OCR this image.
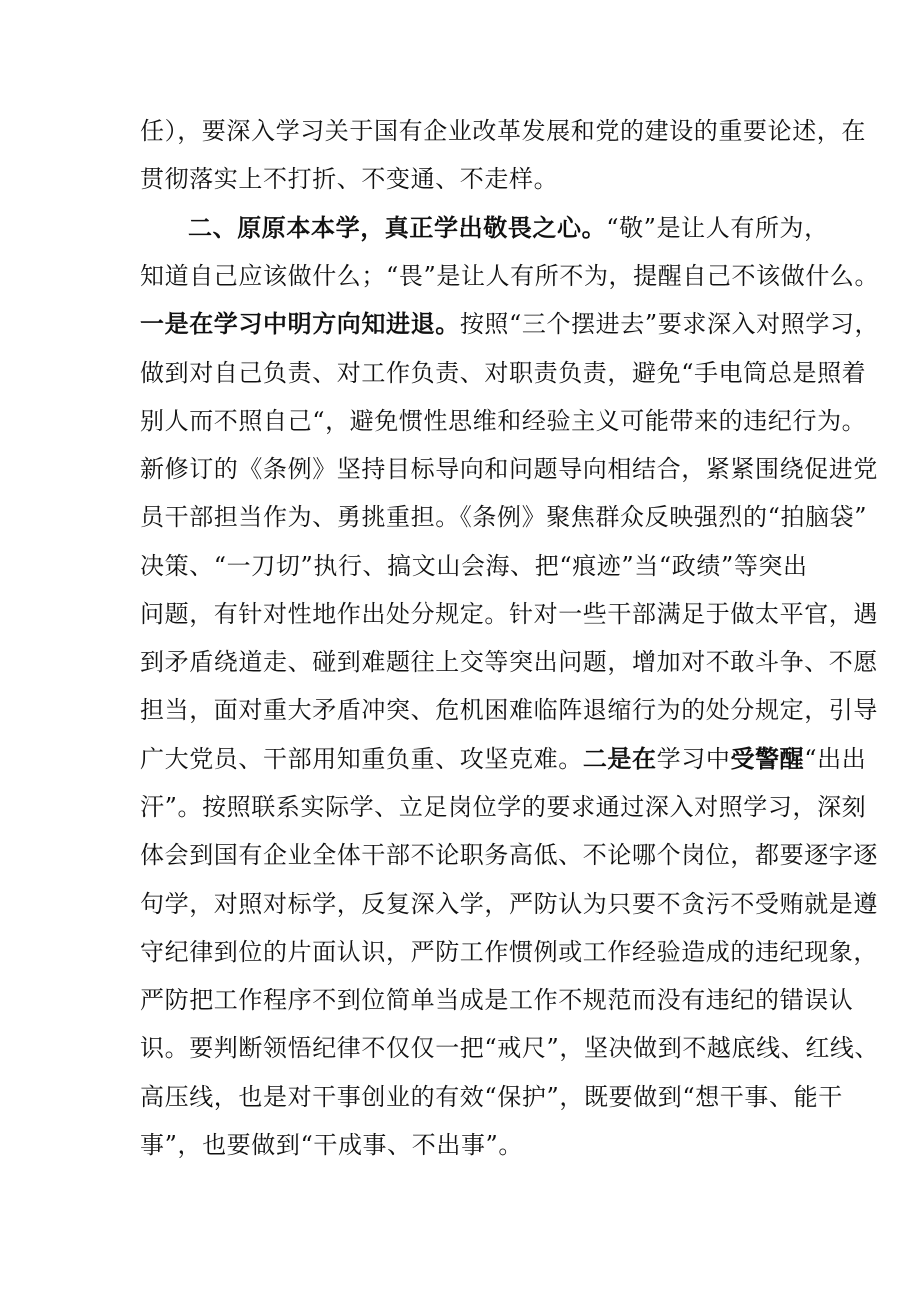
任），要深入学习关于国有企业改革发展和党的建设的重要论述，在
贯彻落实上不打折、不变通、不走样。
二、原原本本学，真正学出敬畏之心。“敬”是让人有所为，
知道自己应该做什么；“畏”是让人有所不为，提醒自己不该做什么。
一是在学习中明方向知进退。按照“三个摆进去”要求深入对照学习，
做到对自己负责、对工作负责、对职责负责，避免“手电筒总是照着
别人而不照自己“，避免惯性思维和经验主义可能带来的违纪行为。
新修订的《条例》坚持目标导向和问题导向相结合，紧紧围绕促进党
员干部担当作为、勇挑重担。《条例》聚焦群众反映强烈的“拍脑袋”
决策、“一刀切”执行、搞文山会海、把“痕迹”当“政绩”等突出
问题，有针对性地作出处分规定。针对一些干部满足于做太平官，遇
到矛盾绕道走、碰到难题往上交等突出问题，增加对不敢斗争、不愿
担当，面对重大矛盾冲突、危机困难临阵退缩行为的处分规定，引导
广大党员、干部用知重负重、攻坚克难。二是在学习中受警醒“出出
汗”。按照联系实际学、立足岗位学的要求通过深入对照学习，深刻
体会到国有企业全体干部不论职务高低、不论哪个岗位，都要逐字逐
句学，对照对标学，反复深入学，严防认为只要不贪污不受贿就是遵
守纪律到位的片面认识，严防工作惯例或工作经验造成的违纪现象，
严防把工作程序不到位简单当成是工作不规范而没有违纪的错误认
识。要判断领悟纪律不仅仅一把“戒尺”，坚决做到不越底线、红线、
高压线，也是对干事创业的有效“保护”，既要做到“想干事、能干
事”，也要做到“干成事、不出事”。
